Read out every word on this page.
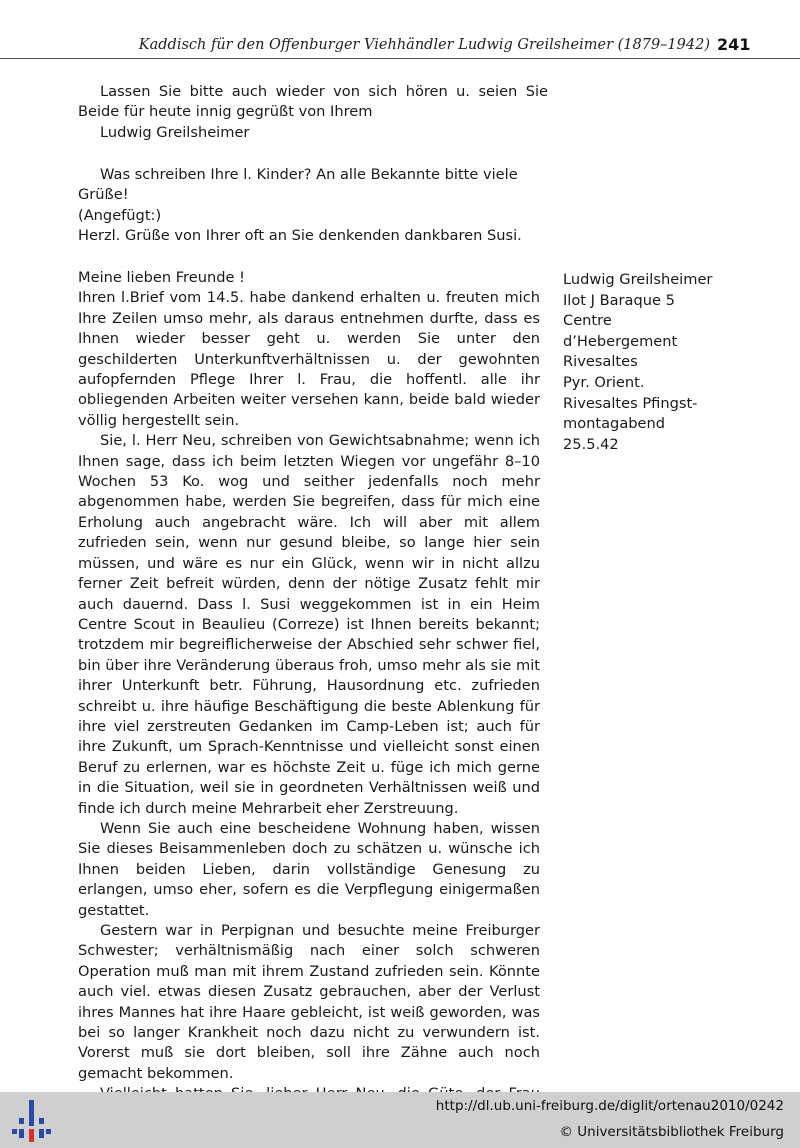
Kaddisch für den Offenburger Viehhändler Ludwig Greilsheimer (1879–1942) 241

Lassen Sie bitte auch wieder von sich hören u. seien Sie Beide für heute innig gegrüßt von Ihrem

Ludwig Greilsheimer

Was schreiben Ihre l. Kinder? An alle Bekannte bitte viele Grüße!

(Angefügt:)

Herzl. Grüße von Ihrer oft an Sie denkenden dankbaren Susi.

Meine lieben Freunde !

Ihren l.Brief vom 14.5. habe dankend erhalten u. freuten mich Ihre Zeilen umso mehr, als daraus entnehmen durfte, dass es Ihnen wieder besser geht u. werden Sie unter den geschilderten Unterkunftverhältnissen u. der gewohnten aufopfernden Pflege Ihrer l. Frau, die hoffentl. alle ihr obliegenden Arbeiten weiter versehen kann, beide bald wieder völlig hergestellt sein.

Sie, l. Herr Neu, schreiben von Gewichtsabnahme; wenn ich Ihnen sage, dass ich beim letzten Wiegen vor ungefähr 8–10 Wochen 53 Ko. wog und seither jedenfalls noch mehr abgenommen habe, werden Sie begreifen, dass für mich eine Erholung auch angebracht wäre. Ich will aber mit allem zufrieden sein, wenn nur gesund bleibe, so lange hier sein müssen, und wäre es nur ein Glück, wenn wir in nicht allzu ferner Zeit befreit würden, denn der nötige Zusatz fehlt mir auch dauernd. Dass l. Susi weggekommen ist in ein Heim Centre Scout in Beaulieu (Correze) ist Ihnen bereits bekannt; trotzdem mir begreiflicherweise der Abschied sehr schwer fiel, bin über ihre Veränderung überaus froh, umso mehr als sie mit ihrer Unterkunft betr. Führung, Hausordnung etc. zufrieden schreibt u. ihre häufige Beschäftigung die beste Ablenkung für ihre viel zerstreuten Gedanken im Camp-Leben ist; auch für ihre Zukunft, um Sprach-Kenntnisse und vielleicht sonst einen Beruf zu erlernen, war es höchste Zeit u. füge ich mich gerne in die Situation, weil sie in geordneten Verhältnissen weiß und finde ich durch meine Mehrarbeit eher Zerstreuung.

Wenn Sie auch eine bescheidene Wohnung haben, wissen Sie dieses Beisammenleben doch zu schätzen u. wünsche ich Ihnen beiden Lieben, darin vollständige Genesung zu erlangen, umso eher, sofern es die Verpflegung einigermaßen gestattet.

Gestern war in Perpignan und besuchte meine Freiburger Schwester; verhältnismäßig nach einer solch schweren Operation muß man mit ihrem Zustand zufrieden sein. Könnte auch viel. etwas diesen Zusatz gebrauchen, aber der Verlust ihres Mannes hat ihre Haare gebleicht, ist weiß geworden, was bei so langer Krankheit noch dazu nicht zu verwundern ist. Vorerst muß sie dort bleiben, soll ihre Zähne auch noch gemacht bekommen.

Ludwig Greilsheimer
Ilot J Baraque 5
Centre
d’Hebergement
Rivesaltes
Pyr. Orient.
Rivesaltes Pfingst-
montagabend
25.5.42
http://dl.ub.uni-freiburg.de/diglit/ortenau2010/0242
© Universitätsbibliothek Freiburg
